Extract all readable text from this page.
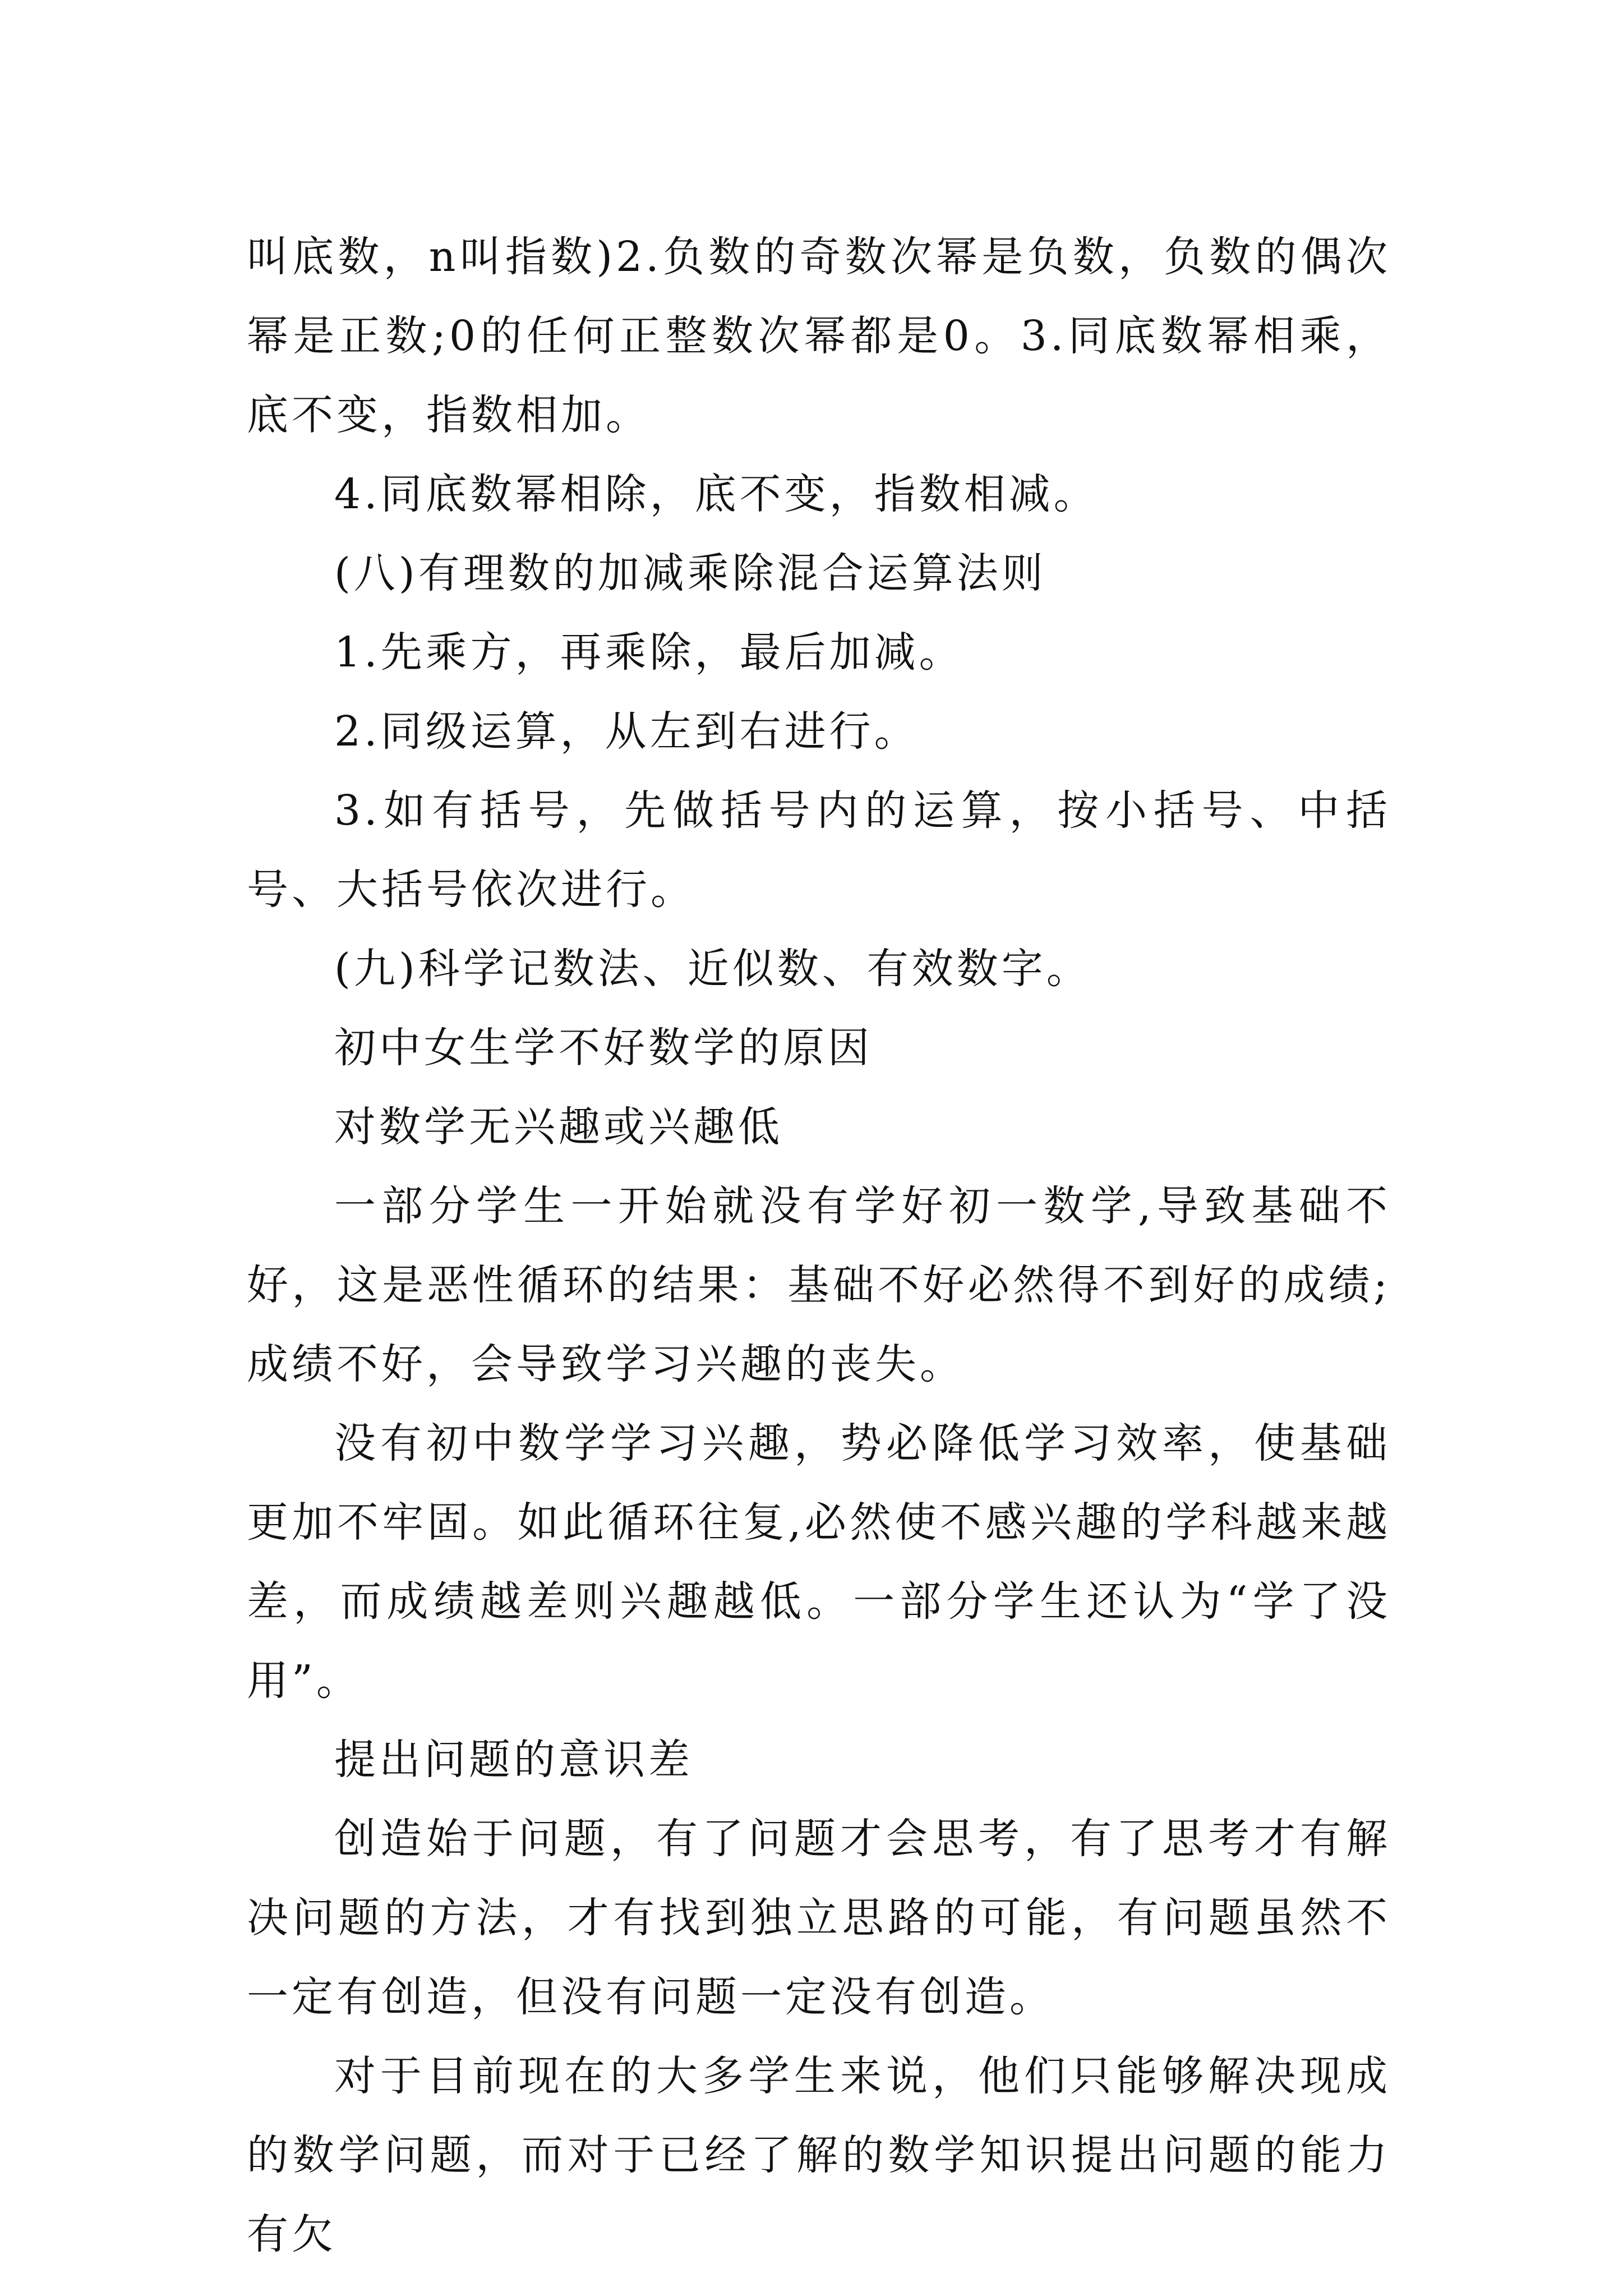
叫底数，n叫指数)2.负数的奇数次幂是负数，负数的偶次幂是正数;0的任何正整数次幂都是0。3.同底数幂相乘，底不变，指数相加。

4.同底数幂相除，底不变，指数相减。

(八)有理数的加减乘除混合运算法则

1.先乘方，再乘除，最后加减。

2.同级运算，从左到右进行。

3.如有括号，先做括号内的运算，按小括号、中括号、大括号依次进行。

(九)科学记数法、近似数、有效数字。

初中女生学不好数学的原因

对数学无兴趣或兴趣低

一部分学生一开始就没有学好初一数学,导致基础不好，这是恶性循环的结果：基础不好必然得不到好的成绩;成绩不好，会导致学习兴趣的丧失。

没有初中数学学习兴趣，势必降低学习效率，使基础更加不牢固。如此循环往复,必然使不感兴趣的学科越来越差，而成绩越差则兴趣越低。一部分学生还认为“学了没用”。

提出问题的意识差

创造始于问题，有了问题才会思考，有了思考才有解决问题的方法，才有找到独立思路的可能，有问题虽然不一定有创造，但没有问题一定没有创造。

对于目前现在的大多学生来说，他们只能够解决现成的数学问题，而对于已经了解的数学知识提出问题的能力有欠
